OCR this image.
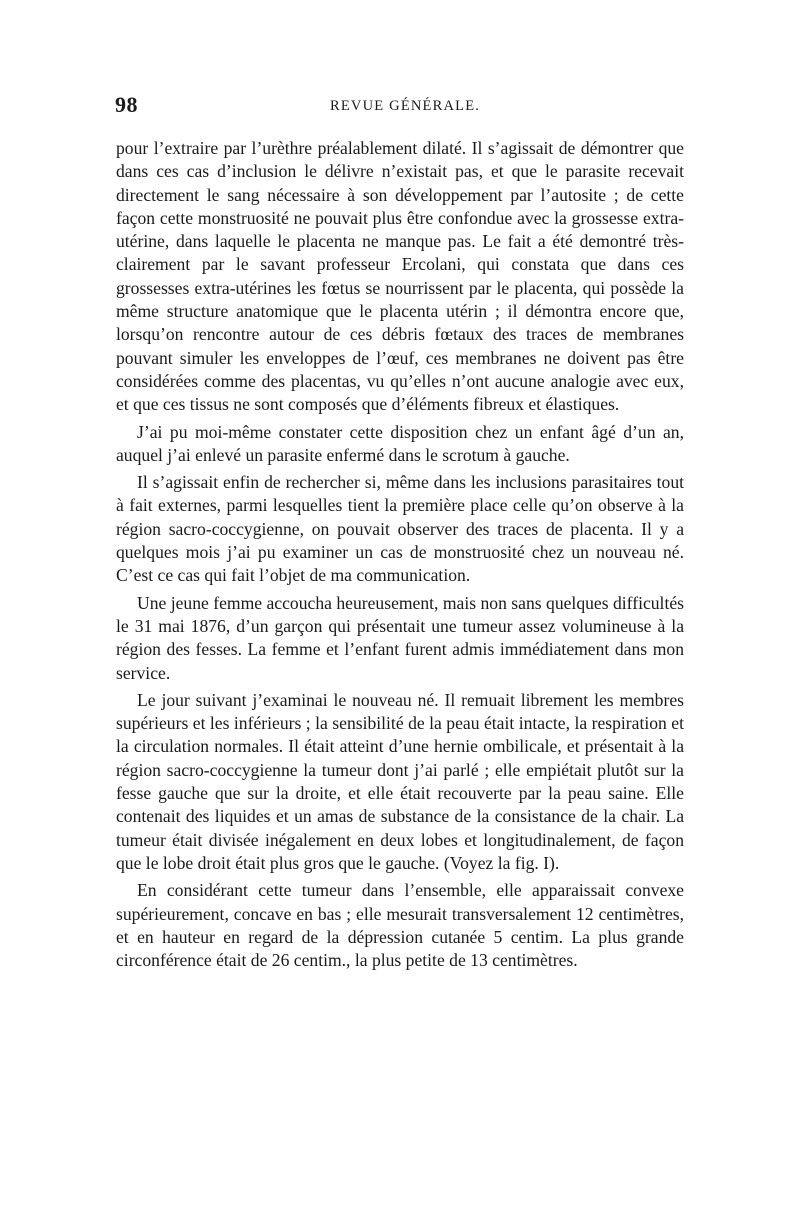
98	REVUE GÉNÉRALE.

pour l’extraire par l’urèthre préalablement dilaté. Il s’agissait de démontrer que dans ces cas d’inclusion le délivre n’existait pas, et que le parasite recevait directement le sang nécessaire à son développement par l’autosite ; de cette façon cette monstruosité ne pouvait plus être confondue avec la grossesse extra-utérine, dans laquelle le placenta ne manque pas. Le fait a été demontré très-clairement par le savant professeur Ercolani, qui constata que dans ces grossesses extra-utérines les fœtus se nourrissent par le placenta, qui possède la même structure anatomique que le placenta utérin ; il démontra encore que, lorsqu’on rencontre autour de ces débris fœtaux des traces de membranes pouvant simuler les enveloppes de l’œuf, ces membranes ne doivent pas être considérées comme des placentas, vu qu’elles n’ont aucune analogie avec eux, et que ces tissus ne sont composés que d’éléments fibreux et élastiques.

J’ai pu moi-même constater cette disposition chez un enfant âgé d’un an, auquel j’ai enlevé un parasite enfermé dans le scrotum à gauche.

Il s’agissait enfin de rechercher si, même dans les inclusions parasitaires tout à fait externes, parmi lesquelles tient la première place celle qu’on observe à la région sacro-coccygienne, on pouvait observer des traces de placenta. Il y a quelques mois j’ai pu examiner un cas de monstruosité chez un nouveau né. C’est ce cas qui fait l’objet de ma communication.

Une jeune femme accoucha heureusement, mais non sans quelques difficultés le 31 mai 1876, d’un garçon qui présentait une tumeur assez volumineuse à la région des fesses. La femme et l’enfant furent admis immédiatement dans mon service.

Le jour suivant j’examinai le nouveau né. Il remuait librement les membres supérieurs et les inférieurs ; la sensibilité de la peau était intacte, la respiration et la circulation normales. Il était atteint d’une hernie ombilicale, et présentait à la région sacro-coccygienne la tumeur dont j’ai parlé ; elle empiétait plutôt sur la fesse gauche que sur la droite, et elle était recouverte par la peau saine. Elle contenait des liquides et un amas de substance de la consistance de la chair. La tumeur était divisée inégalement en deux lobes et longitudinalement, de façon que le lobe droit était plus gros que le gauche. (Voyez la fig. I).

En considérant cette tumeur dans l’ensemble, elle apparaissait convexe supérieurement, concave en bas ; elle mesurait transversalement 12 centimètres, et en hauteur en regard de la dépression cutanée 5 centim. La plus grande circonférence était de 26 centim., la plus petite de 13 centimètres.
